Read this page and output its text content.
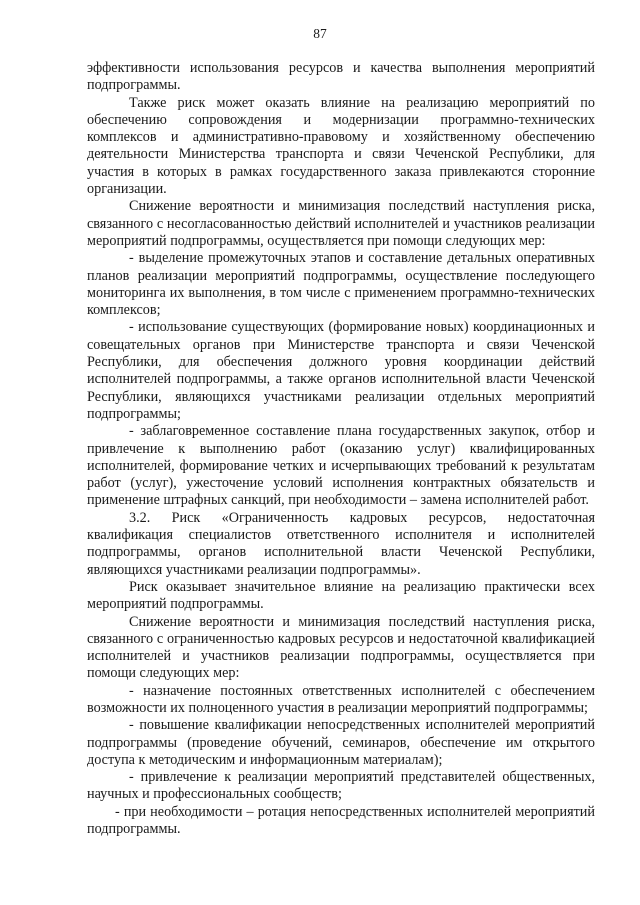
87

эффективности использования ресурсов и качества выполнения мероприятий подпрограммы.

Также риск может оказать влияние на реализацию мероприятий по обеспечению сопровождения и модернизации программно-технических комплексов и административно-правовому и хозяйственному обеспечению деятельности Министерства транспорта и связи Чеченской Республики, для участия в которых в рамках государственного заказа привлекаются сторонние организации.

Снижение вероятности и минимизация последствий наступления риска, связанного с несогласованностью действий исполнителей и участников реализации мероприятий подпрограммы, осуществляется при помощи следующих мер:

- выделение промежуточных этапов и составление детальных оперативных планов реализации мероприятий подпрограммы, осуществление последующего мониторинга их выполнения, в том числе с применением программно-технических комплексов;

- использование существующих (формирование новых) координационных и совещательных органов при Министерстве транспорта и связи Чеченской Республики, для обеспечения должного уровня координации действий исполнителей подпрограммы, а также органов исполнительной власти Чеченской Республики, являющихся участниками реализации отдельных мероприятий подпрограммы;

- заблаговременное составление плана государственных закупок, отбор и привлечение к выполнению работ (оказанию услуг) квалифицированных исполнителей, формирование четких и исчерпывающих требований к результатам работ (услуг), ужесточение условий исполнения контрактных обязательств и применение штрафных санкций, при необходимости – замена исполнителей работ.

3.2. Риск «Ограниченность кадровых ресурсов, недостаточная квалификация специалистов ответственного исполнителя и исполнителей подпрограммы, органов исполнительной власти Чеченской Республики, являющихся участниками реализации подпрограммы».

Риск оказывает значительное влияние на реализацию практически всех мероприятий подпрограммы.

Снижение вероятности и минимизация последствий наступления риска, связанного с ограниченностью кадровых ресурсов и недостаточной квалификацией исполнителей и участников реализации подпрограммы, осуществляется при помощи следующих мер:

- назначение постоянных ответственных исполнителей с обеспечением возможности их полноценного участия в реализации мероприятий подпрограммы;

- повышение квалификации непосредственных исполнителей мероприятий подпрограммы (проведение обучений, семинаров, обеспечение им открытого доступа к методическим и информационным материалам);

- привлечение к реализации мероприятий представителей общественных, научных и профессиональных сообществ;

- при необходимости – ротация непосредственных исполнителей мероприятий подпрограммы.
